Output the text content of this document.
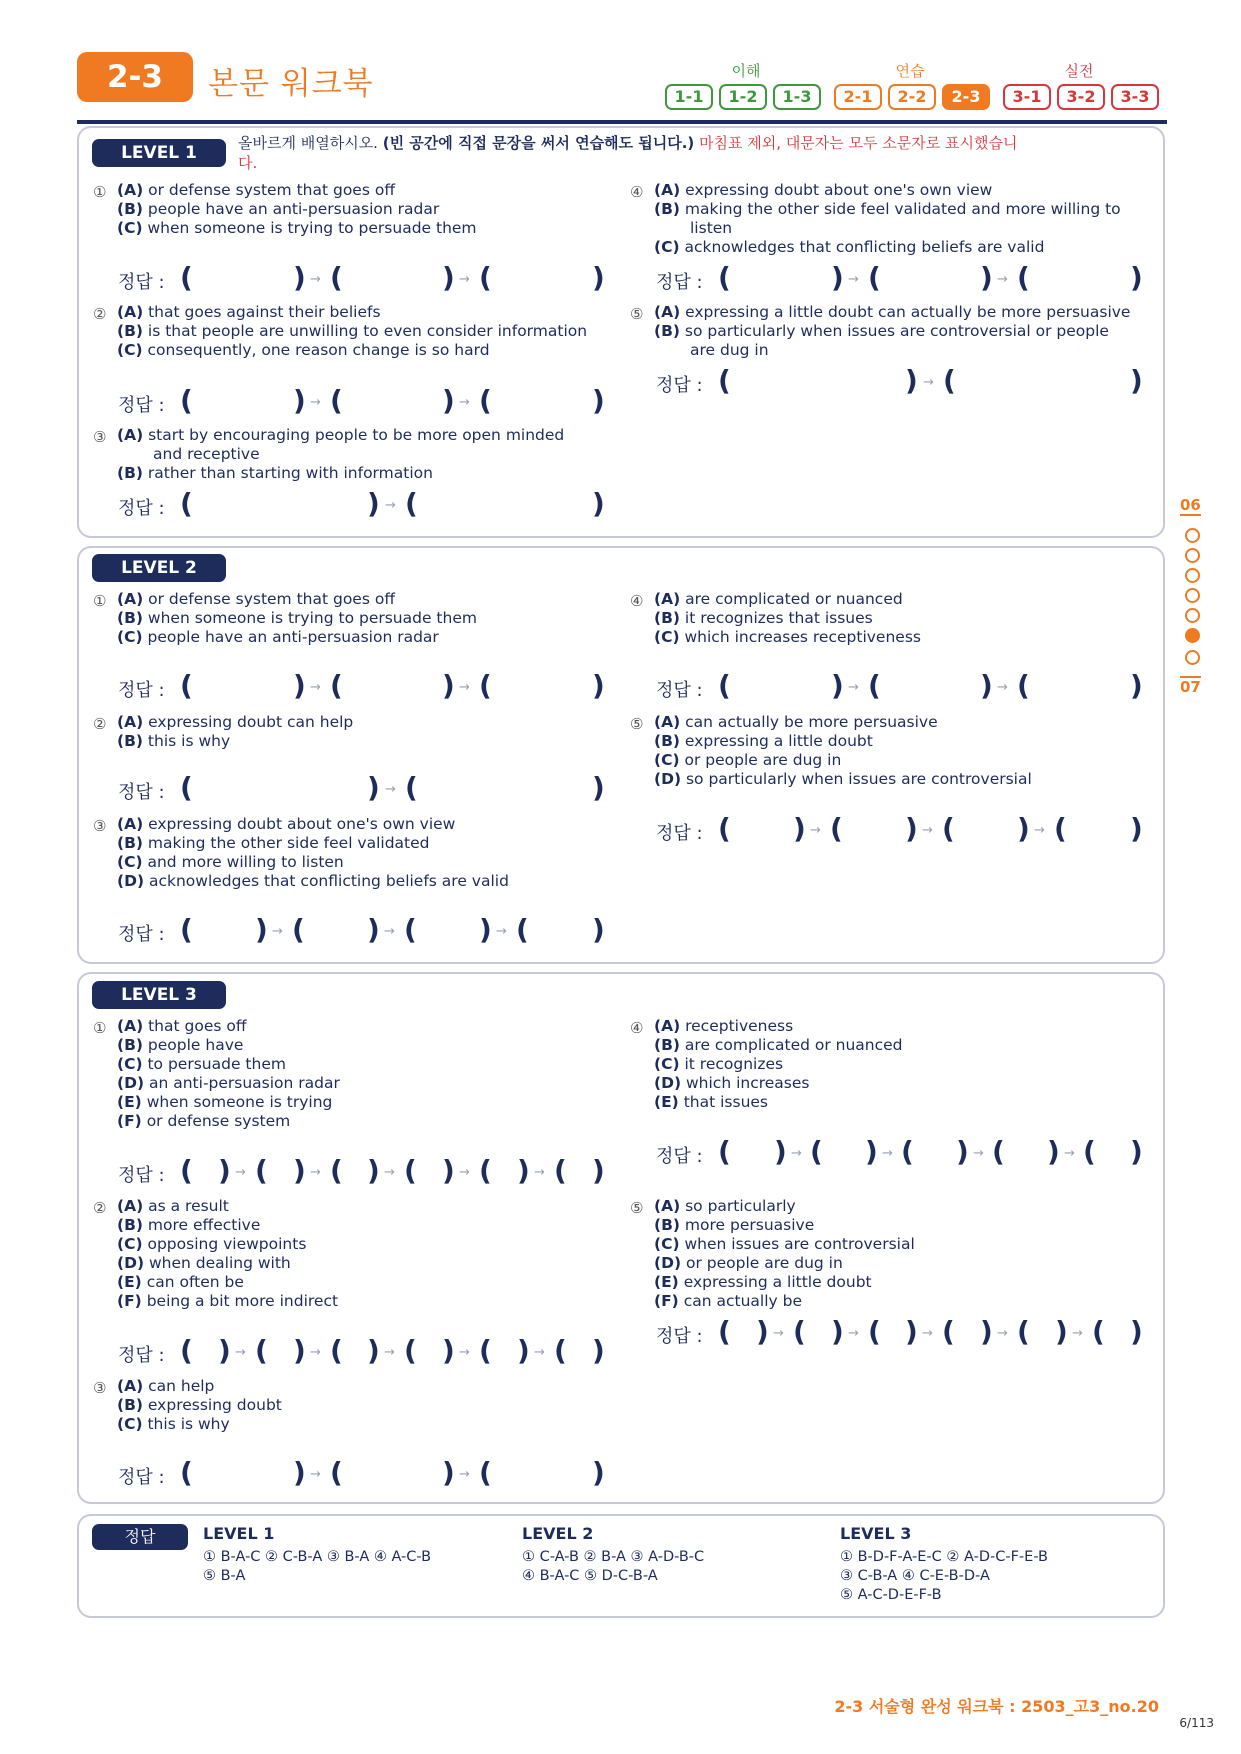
2-3	본문 워크북	이해	연습	실전
1-1	1-2	1-3	2-1	2-2	2-3	3-1	3-2	3-3
06
07
LEVEL 1	올바르게 배열하시오. (빈 공간에 직접 문장을 써서 연습해도 됩니다.) 마침표 제외, 대문자는 모두 소문자로 표시했습니
다.
① (A) or defense system that goes off
(B) people have an anti-persuasion radar
(C) when someone is trying to persuade them
정답 : (	) → (	) → (	)
② (A) that goes against their beliefs
(B) is that people are unwilling to even consider information
(C) consequently, one reason change is so hard
정답 : (	) → (	) → (	)
③ (A) start by encouraging people to be more open minded
and receptive
(B) rather than starting with information
정답 : (	) → (	)
④ (A) expressing doubt about one's own view
(B) making the other side feel validated and more willing to
listen
(C) acknowledges that conflicting beliefs are valid
정답 : (	) → (	) → (	)
⑤ (A) expressing a little doubt can actually be more persuasive
(B) so particularly when issues are controversial or people
are dug in
정답 : (	) → (	)
LEVEL 2
① (A) or defense system that goes off
(B) when someone is trying to persuade them
(C) people have an anti-persuasion radar
정답 : (	) → (	) → (	)
② (A) expressing doubt can help
(B) this is why
정답 : (	) → (	)
③ (A) expressing doubt about one's own view
(B) making the other side feel validated
(C) and more willing to listen
(D) acknowledges that conflicting beliefs are valid
정답 : ( ) → ( ) → ( ) → ( )
④ (A) are complicated or nuanced
(B) it recognizes that issues
(C) which increases receptiveness
정답 : (	) → (	) → (	)
⑤ (A) can actually be more persuasive
(B) expressing a little doubt
(C) or people are dug in
(D) so particularly when issues are controversial
정답 : ( ) → ( ) → ( ) → ( )
LEVEL 3
① (A) that goes off
(B) people have
(C) to persuade them
(D) an anti-persuasion radar
(E) when someone is trying
(F) or defense system
정답 : ( ) → ( ) → ( ) → ( ) → ( ) → ( )
② (A) as a result
(B) more effective
(C) opposing viewpoints
(D) when dealing with
(E) can often be
(F) being a bit more indirect
정답 : ( ) → ( ) → ( ) → ( ) → ( ) → ( )
③ (A) can help
(B) expressing doubt
(C) this is why
정답 : (	) → (	) → (	)
④ (A) receptiveness
(B) are complicated or nuanced
(C) it recognizes
(D) which increases
(E) that issues
정답 : ( ) → ( ) → ( ) → ( ) → ( )
⑤ (A) so particularly
(B) more persuasive
(C) when issues are controversial
(D) or people are dug in
(E) expressing a little doubt
(F) can actually be
정답 : ( ) → ( ) → ( ) → ( ) → ( ) → ( )
정답	LEVEL 1
① B-A-C ② C-B-A ③ B-A ④ A-C-B
⑤ B-A
LEVEL 2
① C-A-B ② B-A ③ A-D-B-C
④ B-A-C ⑤ D-C-B-A
LEVEL 3
① B-D-F-A-E-C ② A-D-C-F-E-B
③ C-B-A ④ C-E-B-D-A
⑤ A-C-D-E-F-B
2-3 서술형 완성 워크북 : 2503_고3_no.20
6/113
